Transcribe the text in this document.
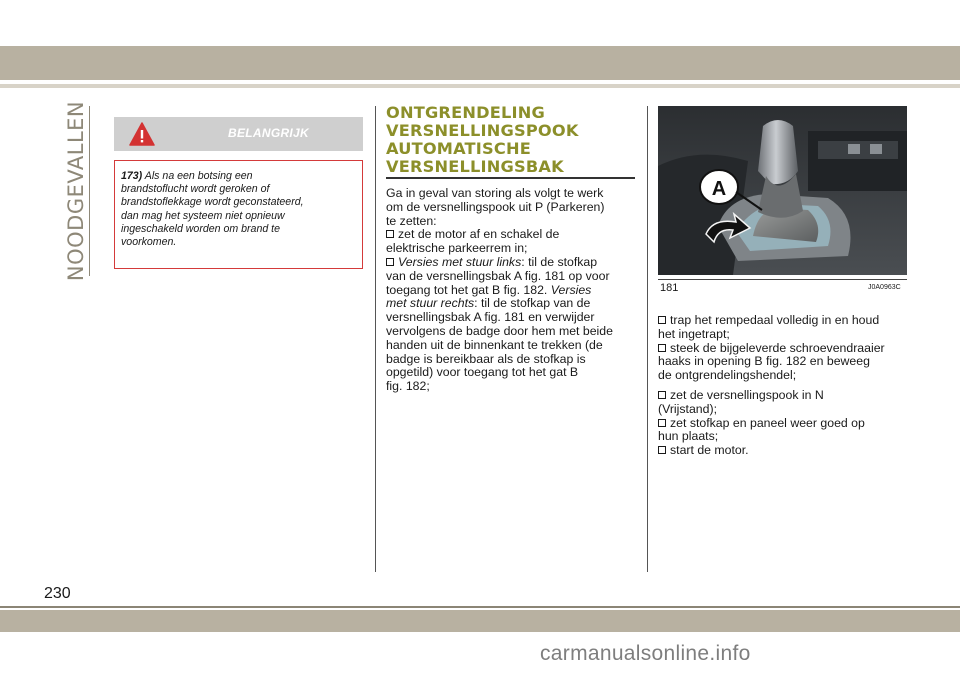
NOODGEVALLEN	BELANGRIJK
173) Als na een botsing een
brandstoflucht wordt geroken of
brandstoflekkage wordt geconstateerd,
dan mag het systeem niet opnieuw
ingeschakeld worden om brand te
voorkomen.
ONTGRENDELING
VERSNELLINGSPOOK
AUTOMATISCHE
VERSNELLINGSBAK
Ga in geval van storing als volgt te werk
om de versnellingspook uit P (Parkeren)
te zetten:
zet de motor af en schakel de
elektrische parkeerrem in;
Versies met stuur links: til de stofkap
van de versnellingsbak A fig. 181 op voor
toegang tot het gat B fig. 182. Versies
met stuur rechts: til de stofkap van de
versnellingsbak A fig. 181 en verwijder
vervolgens de badge door hem met beide
handen uit de binnenkant te trekken (de
badge is bereikbaar als de stofkap is
opgetild) voor toegang tot het gat B
fig. 182;
A
181	J0A0963C
trap het rempedaal volledig in en houd
het ingetrapt;
steek de bijgeleverde schroevendraaier
haaks in opening B fig. 182 en beweeg
de ontgrendelingshendel;
zet de versnellingspook in N
(Vrijstand);
zet stofkap en paneel weer goed op
hun plaats;
start de motor.
230
carmanualsonline.info
